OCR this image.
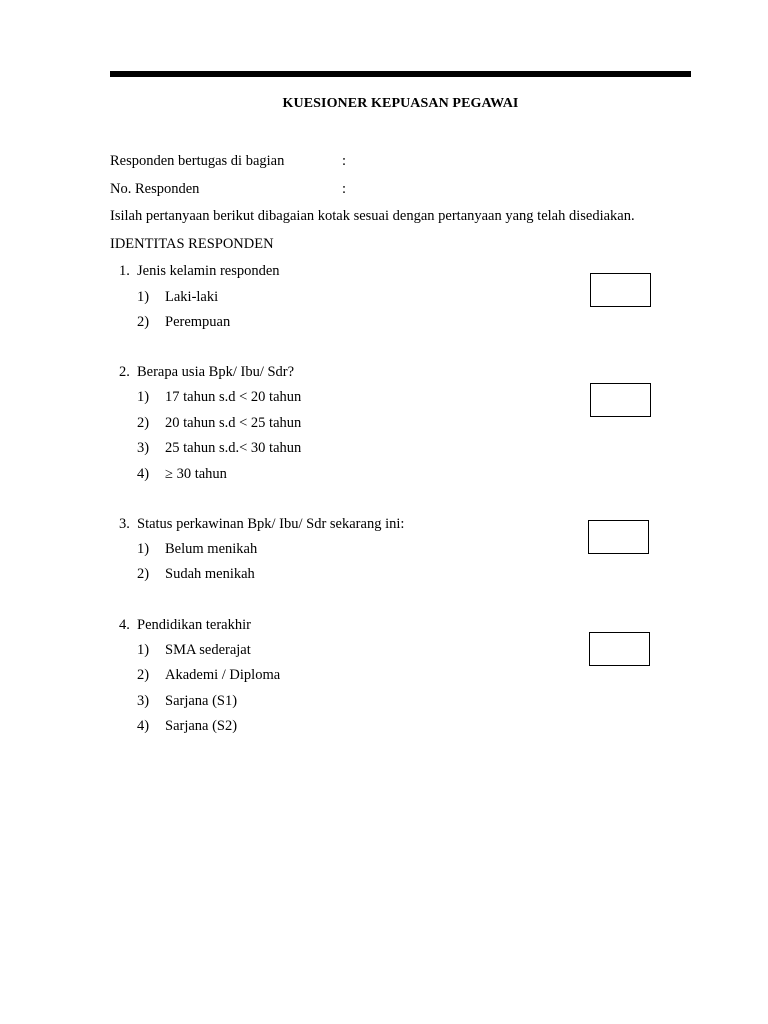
KUESIONER KEPUASAN PEGAWAI
Responden bertugas di bagian	:
No. Responden	:
Isilah pertanyaan berikut dibagaian kotak sesuai dengan pertanyaan yang telah disediakan.
IDENTITAS RESPONDEN
1. Jenis kelamin responden
1) Laki-laki
2) Perempuan
2. Berapa usia Bpk/ Ibu/ Sdr?
1) 17 tahun s.d < 20 tahun
2) 20 tahun s.d < 25 tahun
3) 25 tahun s.d.< 30 tahun
4) ≥ 30 tahun
3. Status perkawinan Bpk/ Ibu/ Sdr sekarang ini:
1) Belum menikah
2) Sudah menikah
4. Pendidikan terakhir
1) SMA sederajat
2) Akademi / Diploma
3) Sarjana (S1)
4) Sarjana (S2)
